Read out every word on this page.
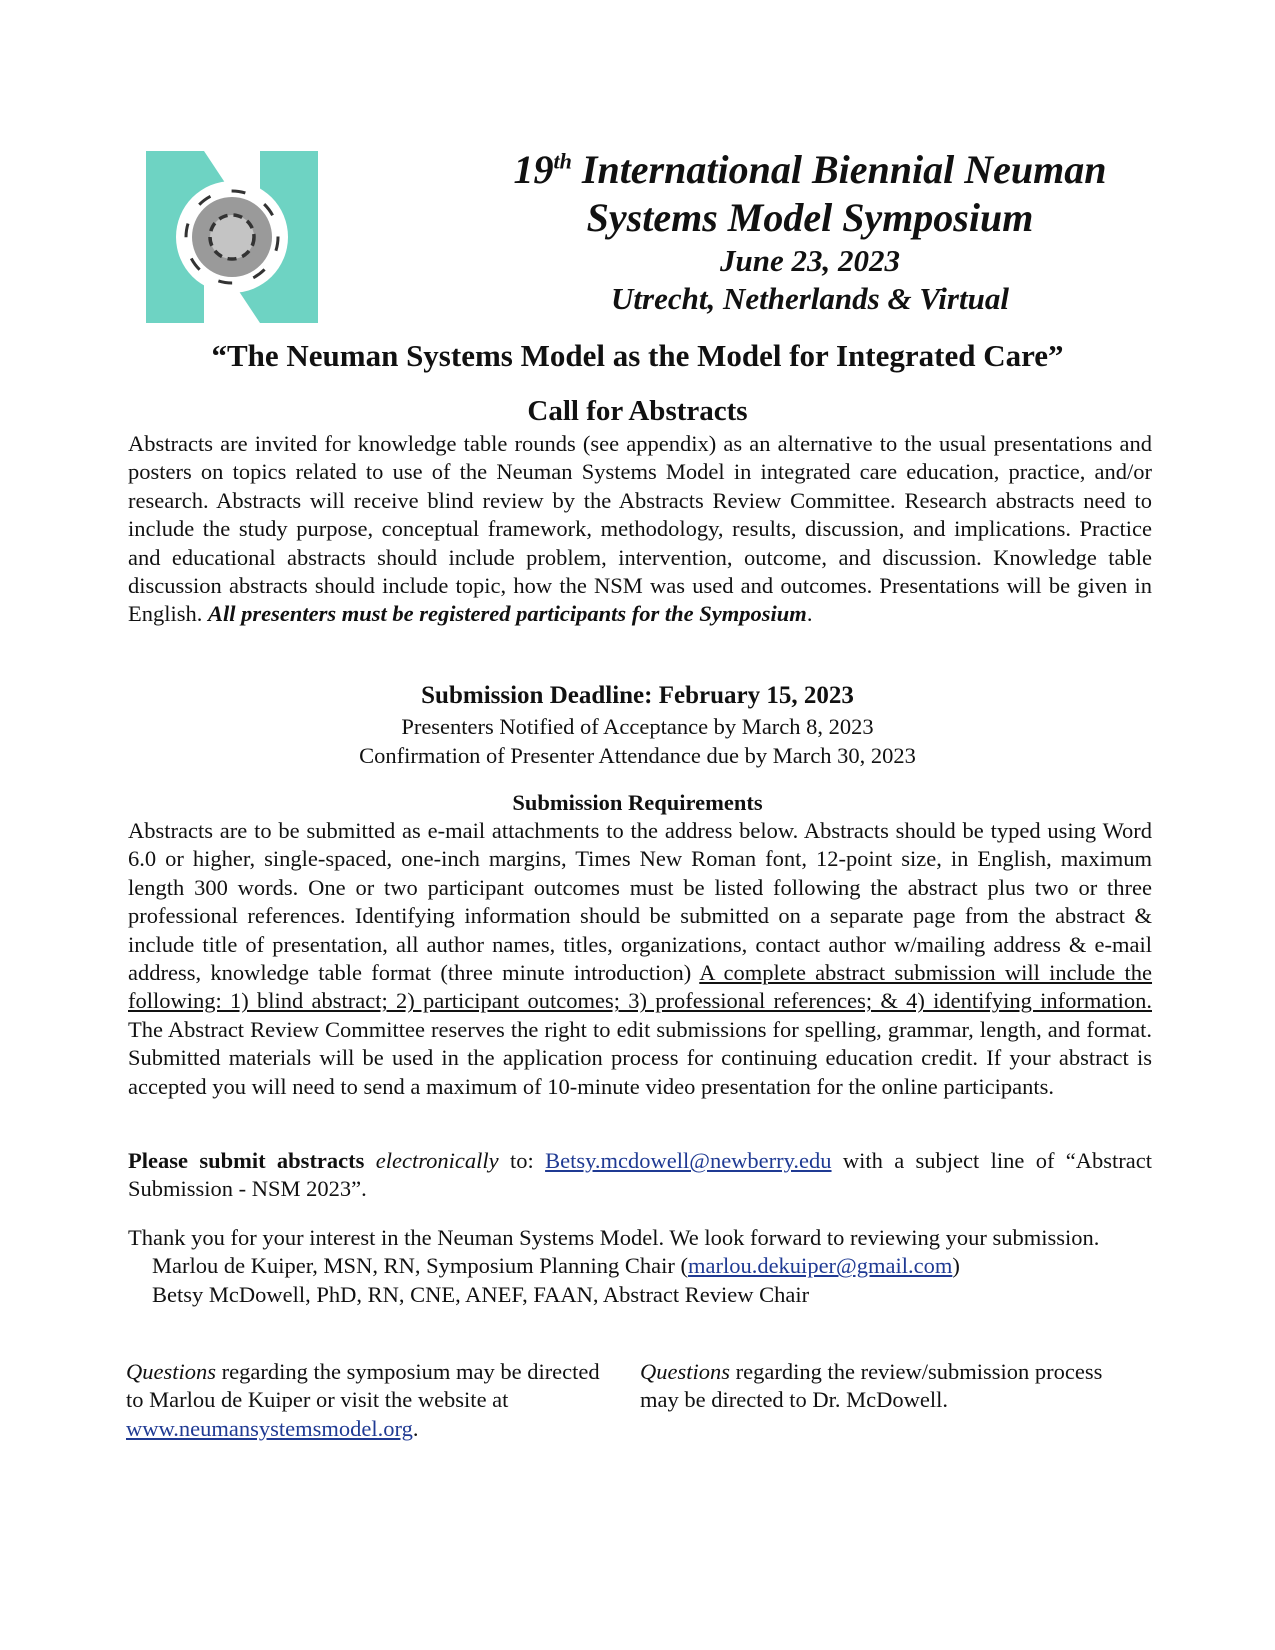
19th International Biennial Neuman
Systems Model Symposium
June 23, 2023
Utrecht, Netherlands & Virtual
“The Neuman Systems Model as the Model for Integrated Care”
Call for Abstracts
Abstracts are invited for knowledge table rounds (see appendix) as an alternative to the usual presentations and posters on topics related to use of the Neuman Systems Model in integrated care education, practice, and/or research. Abstracts will receive blind review by the Abstracts Review Committee. Research abstracts need to include the study purpose, conceptual framework, methodology, results, discussion, and implications. Practice and educational abstracts should include problem, intervention, outcome, and discussion. Knowledge table discussion abstracts should include topic, how the NSM was used and outcomes. Presentations will be given in English. All presenters must be registered participants for the Symposium.
Submission Deadline: February 15, 2023
Presenters Notified of Acceptance by March 8, 2023
Confirmation of Presenter Attendance due by March 30, 2023
Submission Requirements
Abstracts are to be submitted as e-mail attachments to the address below. Abstracts should be typed using Word 6.0 or higher, single-spaced, one-inch margins, Times New Roman font, 12-point size, in English, maximum length 300 words. One or two participant outcomes must be listed following the abstract plus two or three professional references. Identifying information should be submitted on a separate page from the abstract & include title of presentation, all author names, titles, organizations, contact author w/mailing address & e-mail address, knowledge table format (three minute introduction) A complete abstract submission will include the following: 1) blind abstract; 2) participant outcomes; 3) professional references; & 4) identifying information. The Abstract Review Committee reserves the right to edit submissions for spelling, grammar, length, and format. Submitted materials will be used in the application process for continuing education credit. If your abstract is accepted you will need to send a maximum of 10-minute video presentation for the online participants.
Please submit abstracts electronically to: Betsy.mcdowell@newberry.edu with a subject line of “Abstract Submission - NSM 2023”.
Thank you for your interest in the Neuman Systems Model. We look forward to reviewing your submission.
Marlou de Kuiper, MSN, RN, Symposium Planning Chair (marlou.dekuiper@gmail.com)
Betsy McDowell, PhD, RN, CNE, ANEF, FAAN, Abstract Review Chair
Questions regarding the symposium may be directed to Marlou de Kuiper or visit the website at www.neumansystemsmodel.org.
Questions regarding the review/submission process may be directed to Dr. McDowell.
